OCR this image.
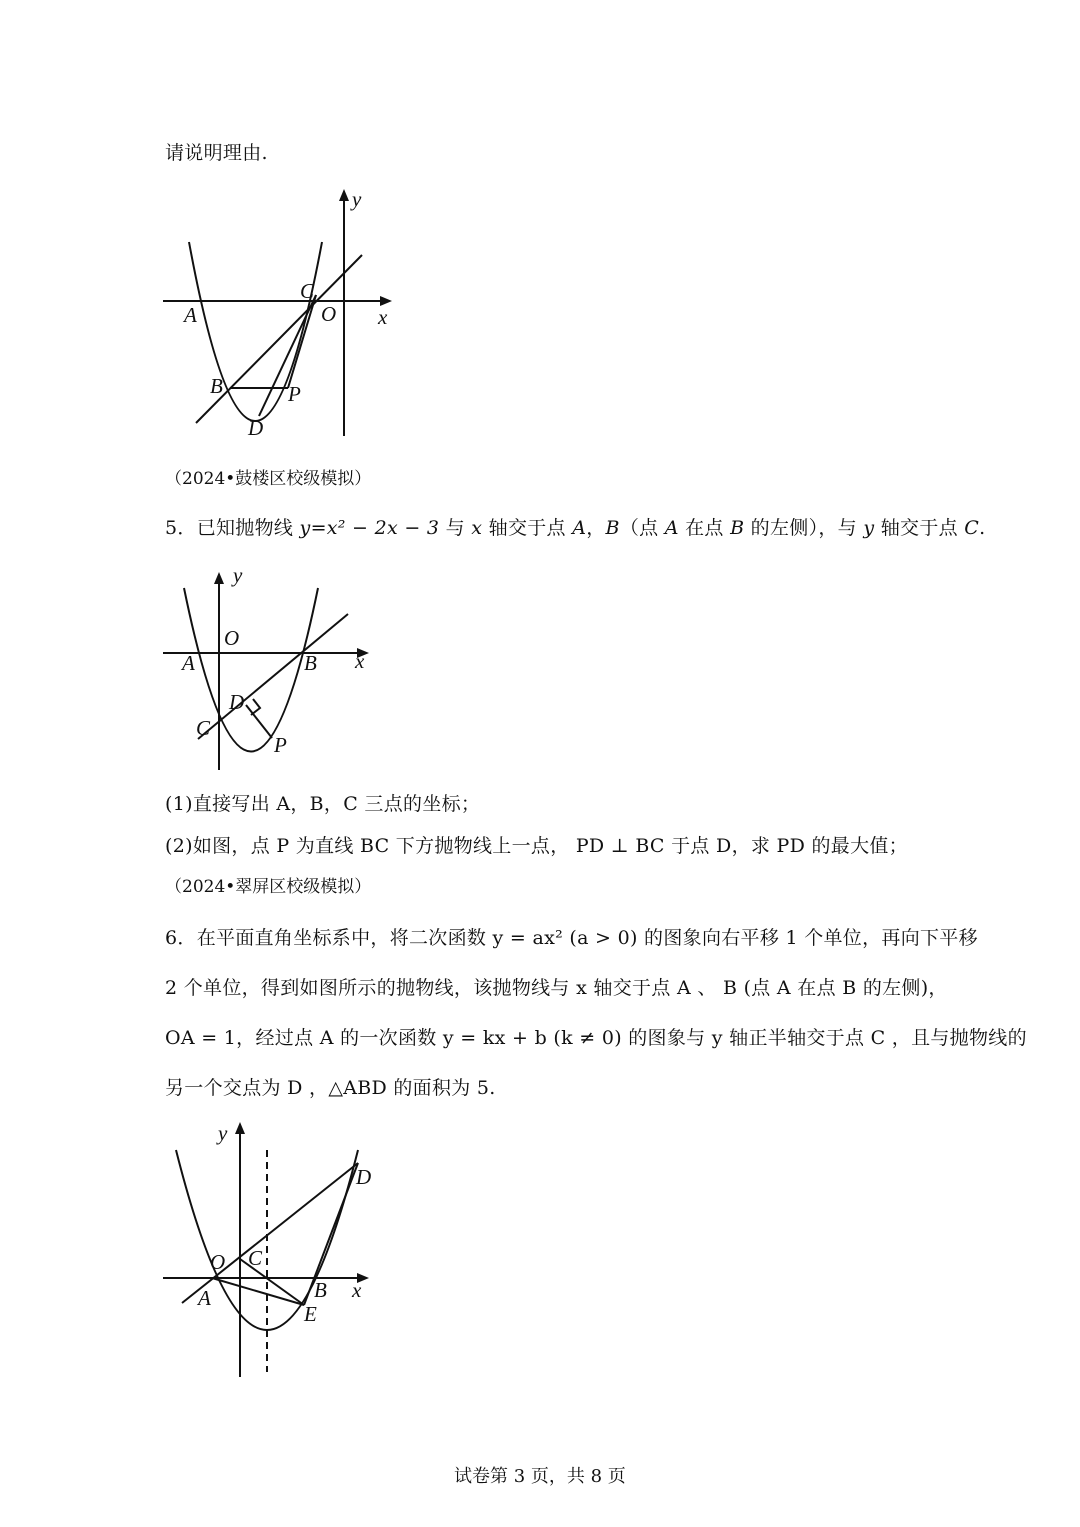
请说明理由.
y
C
A	O x
B	P
D
（2024•鼓楼区校级模拟）
5．已知抛物线 y=x² − 2x − 3 与 x 轴交于点 A，B（点 A 在点 B 的左侧），与 y 轴交于点 C.
y
O
A	B x
D
C
P
(1)直接写出 A，B，C 三点的坐标；
(2)如图，点 P 为直线 BC 下方抛物线上一点， PD ⊥ BC 于点 D，求 PD 的最大值；
（2024•翠屏区校级模拟）
6．在平面直角坐标系中，将二次函数 y = ax² (a > 0) 的图象向右平移 1 个单位，再向下平移
2 个单位，得到如图所示的抛物线，该抛物线与 x 轴交于点 A 、 B (点 A 在点 B 的左侧)，
OA = 1，经过点 A 的一次函数 y = kx + b (k ≠ 0) 的图象与 y 轴正半轴交于点 C ，且与抛物线的
另一个交点为 D ，△ABD 的面积为 5.
y
D
O C
A	B x
E
试卷第 3 页，共 8 页
